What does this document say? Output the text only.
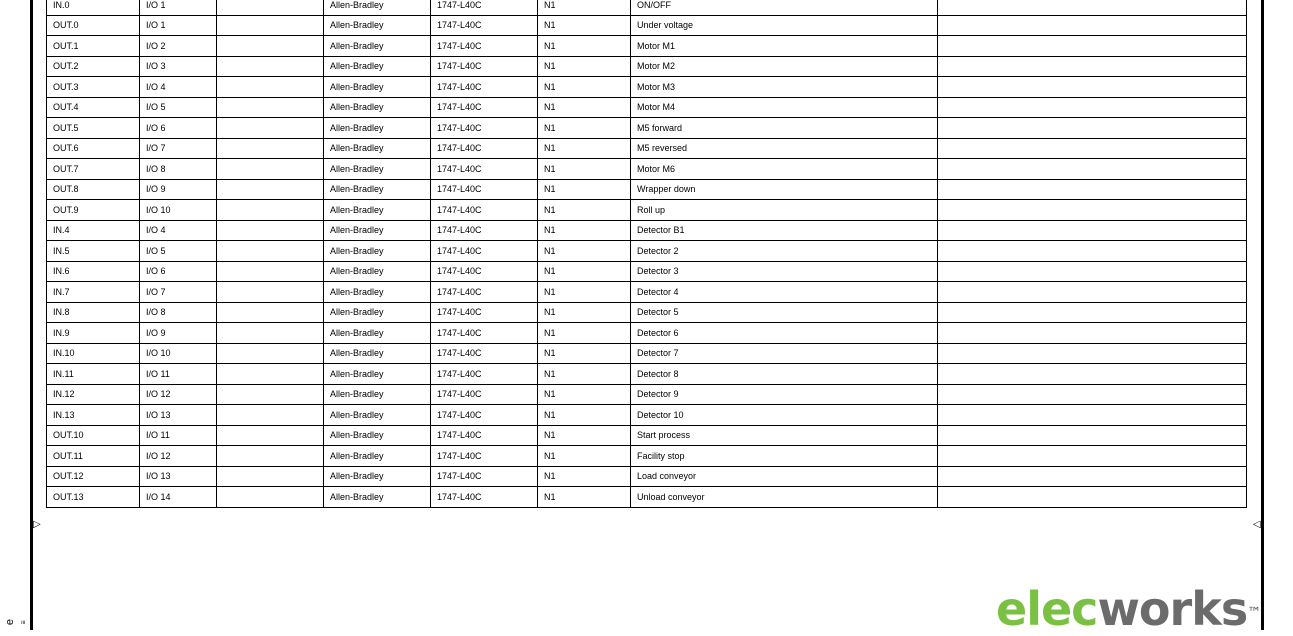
▷	◁
e ≡
IN.0	I/O 1		Allen-Bradley	1747-L40C	N1	ON/OFF	
OUT.0	I/O 1		Allen-Bradley	1747-L40C	N1	Under voltage	
OUT.1	I/O 2		Allen-Bradley	1747-L40C	N1	Motor M1	
OUT.2	I/O 3		Allen-Bradley	1747-L40C	N1	Motor M2	
OUT.3	I/O 4		Allen-Bradley	1747-L40C	N1	Motor M3	
OUT.4	I/O 5		Allen-Bradley	1747-L40C	N1	Motor M4	
OUT.5	I/O 6		Allen-Bradley	1747-L40C	N1	M5 forward	
OUT.6	I/O 7		Allen-Bradley	1747-L40C	N1	M5 reversed	
OUT.7	I/O 8		Allen-Bradley	1747-L40C	N1	Motor M6	
OUT.8	I/O 9		Allen-Bradley	1747-L40C	N1	Wrapper down	
OUT.9	I/O 10		Allen-Bradley	1747-L40C	N1	Roll up	
IN.4	I/O 4		Allen-Bradley	1747-L40C	N1	Detector B1	
IN.5	I/O 5		Allen-Bradley	1747-L40C	N1	Detector 2	
IN.6	I/O 6		Allen-Bradley	1747-L40C	N1	Detector 3	
IN.7	I/O 7		Allen-Bradley	1747-L40C	N1	Detector 4	
IN.8	I/O 8		Allen-Bradley	1747-L40C	N1	Detector 5	
IN.9	I/O 9		Allen-Bradley	1747-L40C	N1	Detector 6	
IN.10	I/O 10		Allen-Bradley	1747-L40C	N1	Detector 7	
IN.11	I/O 11		Allen-Bradley	1747-L40C	N1	Detector 8	
IN.12	I/O 12		Allen-Bradley	1747-L40C	N1	Detector 9	
IN.13	I/O 13		Allen-Bradley	1747-L40C	N1	Detector 10	
OUT.10	I/O 11		Allen-Bradley	1747-L40C	N1	Start process	
OUT.11	I/O 12		Allen-Bradley	1747-L40C	N1	Facility stop	
OUT.12	I/O 13		Allen-Bradley	1747-L40C	N1	Load conveyor	
OUT.13	I/O 14		Allen-Bradley	1747-L40C	N1	Unload conveyor	
elecworks ™
